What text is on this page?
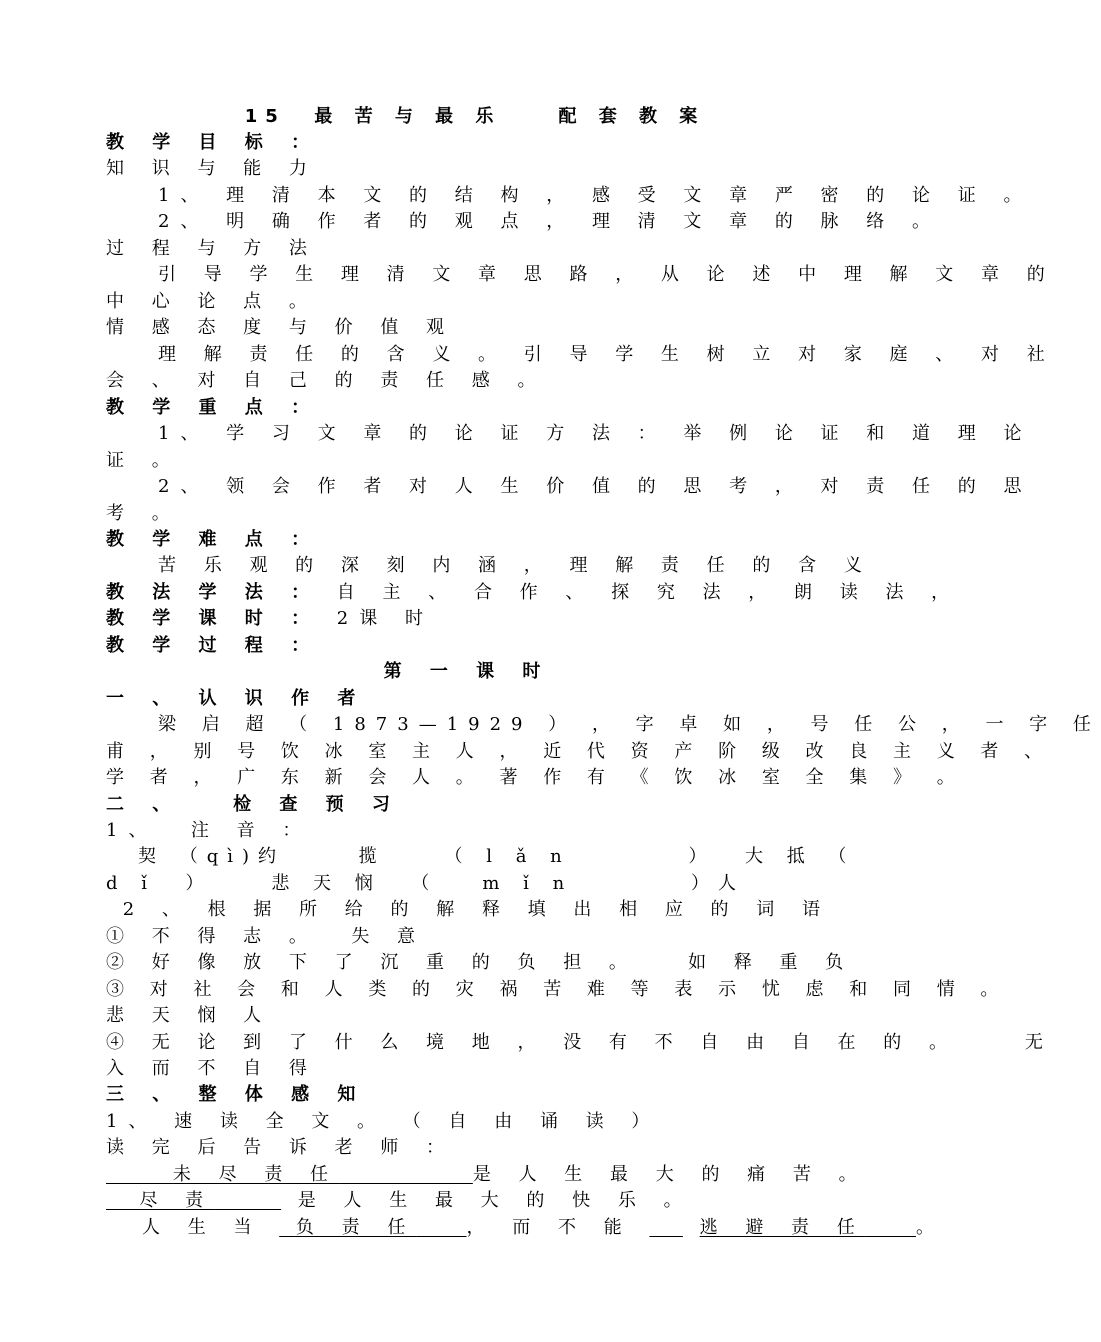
15  最 苦 与 最 乐    配 套 教 案
教 学 目 标 ：
知 识 与 能 力
1、 理 清 本 文 的 结 构 ， 感 受 文 章 严 密 的 论 证 。
2、 明 确 作 者 的 观 点 ， 理 清 文 章 的 脉 络 。
过 程 与 方 法
引 导 学 生 理 清 文 章 思 路 ， 从 论 述 中 理 解 文 章 的
中 心 论 点 。
情 感 态 度 与 价 值 观
理 解 责 任 的 含 义 。 引 导 学 生 树 立 对 家 庭 、 对 社
会 、 对 自 己 的 责 任 感 。
教 学 重 点 ：
1、 学 习 文 章 的 论 证 方 法 ： 举 例 论 证 和 道 理 论
证 。
2、 领 会 作 者 对 人 生 价 值 的 思 考 ， 对 责 任 的 思
考 。
教 学 难 点 ：
苦 乐 观 的 深 刻 内 涵 ， 理 解 责 任 的 含 义
教 法 学 法 ： 自 主 、 合 作 、 探 究 法 ， 朗 读 法 ，
教 学 课 时 ： 2课 时
教 学 过 程 ：
第 一 课 时
一 、 认 识 作 者
梁 启 超 （ 1873—1929 ） ， 字 卓 如 ， 号 任 公 ， 一 字 任
甫 ， 别 号 饮 冰 室 主 人 ， 近 代 资 产 阶 级 改 良 主 义 者 、
学 者 ， 广 东 新 会 人 。 著 作 有 《 饮 冰 室 全 集 》 。
二 、   检 查 预 习
1、  注 音 ：
契 （qì)约     揽    （ l ǎ n        ）  大 抵 （
d ǐ  ）    悲 天 悯  （   m ǐ n        ）人
2 、 根 据 所 给 的 解 释 填 出 相 应 的 词 语
① 不 得 志 。  失 意
② 好 像 放 下 了 沉 重 的 负 担 。   如 释 重 负
③ 对 社 会 和 人 类 的 灾 祸 苦 难 等 表 示 忧 虑 和 同 情 。
悲 天 悯 人
④ 无 论 到 了 什 么 境 地 ， 没 有 不 自 由 自 在 的 。    无
入 而 不 自 得
三 、 整 体 感 知
1、 速 读 全 文 。 （ 自 由 诵 读 ）
读 完 后 告 诉 老 师 ：
未 尽 责 任	是 人 生 最 大 的 痛 苦 。
尽 责	是 人 生 最 大 的 快 乐 。
人 生 当  负 责 任	， 而 不 能	逃 避 责 任	。
